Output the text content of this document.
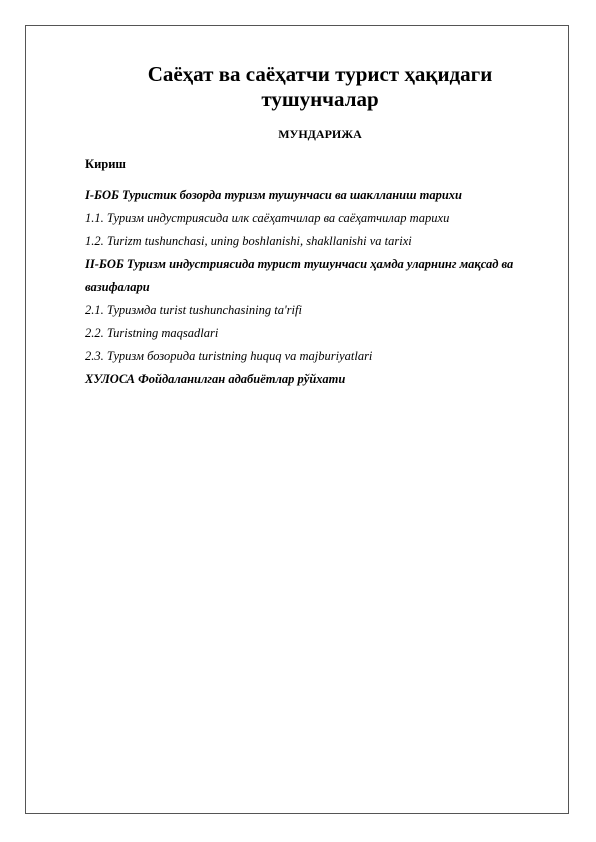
Саёҳат ва саёҳатчи турист ҳақидаги тушунчалар
МУНДАРИЖА
Кириш
I-БОБ Туристик бозорда туризм тушунчаси ва шаклланиш тарихи
1.1. Туризм индустриясида илк саёҳатчилар ва саёҳатчилар тарихи
1.2. Turizm tushunchasi, uning boshlanishi, shakllanishi va tarixi
II-БОБ Туризм индустриясида турист тушунчаси ҳамда уларнинг мақсад ва вазифалари
2.1. Туризмда turist tushunchasining ta'rifi
2.2. Turistning maqsadlari
2.3. Туризм бозорида turistning huquq va majburiyatlari
ХУЛОСА Фойдаланилган адабиётлар рўйхати
